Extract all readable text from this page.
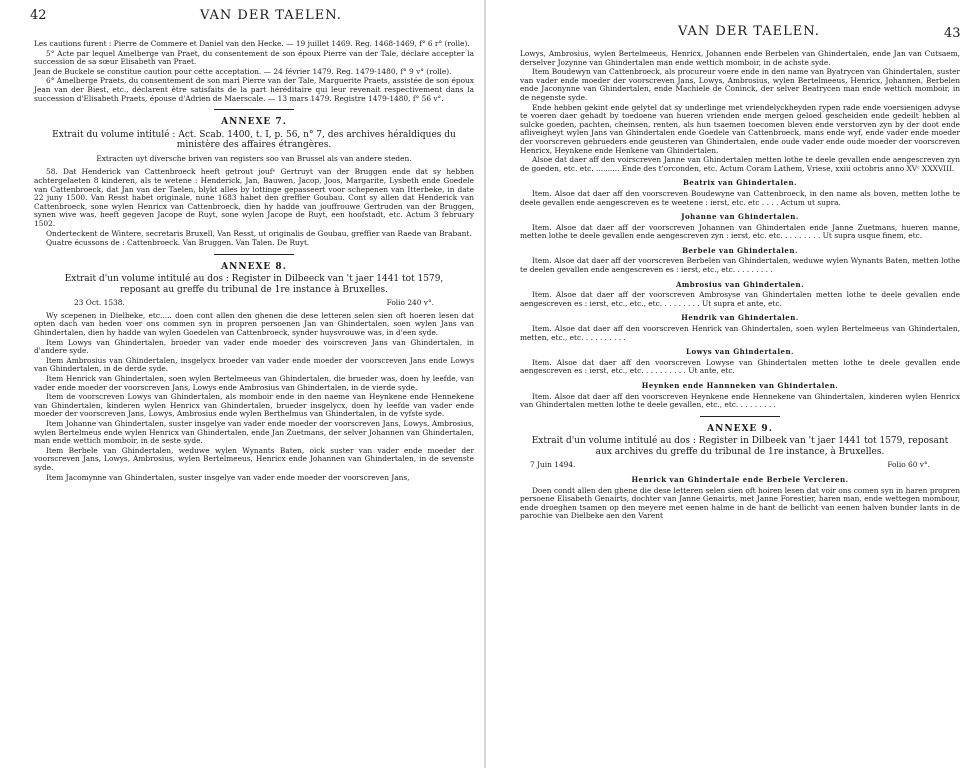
42	VAN DER TAELEN.

Les cautions furent : Pierre de Commere et Daniel van den Hecke. — 19 juillet 1469. Reg. 1468-1469, f° 6 r° (rolle).

5° Acte par lequel Amelberge van Praet, du consentement de son époux Pierre van der Tale, déclare accepter la succession de sa sœur Elisabeth van Praet.

Jean de Buckele se constitue caution pour cette acceptation. — 24 février 1479. Reg. 1479-1480, f° 9 v° (rolle).

6° Amelberge Praets, du consentement de son mari Pierre van der Tale, Marguerite Praets, assistée de son époux Jean van der Biest, etc., déclarent être satisfaits de la part héréditaire qui leur revenait respectivement dans la succession d'Elisabeth Praets, épouse d'Adrien de Maerscale. — 13 mars 1479. Registre 1479-1480, f° 56 v°.

ANNEXE 7.
Extrait du volume intitulé : Act. Scab. 1400, t. I, p. 56, n° 7, des archives héraldiques du ministère des affaires étrangères.

Extracten uyt diversche briven van registers soo van Brussel als van andere steden.

58. Dat Henderick van Cattenbroeck heeft getrout joufᵉ Gertruyt van der Bruggen ende dat sy hebben achtergelaeten 8 kinderen, als te wetene : Henderick, Jan, Bauwen, Jacop, Joos, Margarite, Lysbeth ende Goedele van Cattenbroeck, dat Jan van der Taelen, blykt alles by lottinge gepasseert voor schepenen van Itterbeke, in date 22 juny 1500. Van Resst habet originale, nune 1683 habet den greffier Goubau. Cont sy allen dat Henderick van Cattenbroeck, sone wylen Henricx van Cattenbroeck, dien hy hadde van jouffrouwe Gertruden van der Bruggen, synen wive was, heeft gegeven Jacope de Ruyt, sone wylen Jacope de Ruyt, een hoofstadt, etc. Actum 3 february 1502.

Onderteckent de Wintere, secretaris Bruxell, Van Resst, ut originalis de Goubau, greffier van Raede van Brabant.

Quatre écussons de : Cattenbroeck. Van Bruggen. Van Talen. De Ruyt.

ANNEXE 8.
Extrait d'un volume intitulé au dos : Register in Dilbeeck van 't jaer 1441 tot 1579, reposant au greffe du tribunal de 1re instance à Bruxelles.
23 Oct. 1538.	Folio 240 v°.

Wy scepenen in Dielbeke, etc..... doen cont allen den ghenen die dese letteren selen sien oft hoeren lesen dat opten dach van heden voer ons commen syn in propren persoenen Jan van Ghindertalen, soen wylen Jans van Ghindertalen, dien hy hadde van wylen Goedelen van Cattenbroeck, synder huysvrouwe was, in d'een syde.

Item Lowys van Ghindertalen, broeder van vader ende moeder des voirscreven Jans van Ghindertalen, in d'andere syde.

Item Ambrosius van Ghindertalen, insgelycx broeder van vader ende moeder der voorscreven Jans ende Lowys van Ghindertalen, in de derde syde.

Item Henrick van Ghindertalen, soen wylen Bertelmeeus van Ghindertalen, die brueder was, doen hy leefde, van vader ende moeder der voorscreven Jans, Lowys ende Ambrosius van Ghindertalen, in de vierde syde.

Item de voorscreven Lowys van Ghindertalen, als momboir ende in den naeme van Heynkene ende Hennekene van Ghindertalen, kinderen wylen Henricx van Ghindertalen, brueder insgelycx, doen hy leefde van vader ende moeder der voorscreven Jans, Lowys, Ambrosius ende wylen Berthelmus van Ghindertalen, in de vyfste syde.

Item Johanne van Ghindertalen, suster insgelye van vader ende moeder der voorscreven Jans, Lowys, Ambrosius, wylen Bertelmeus ende wylen Henricx van Ghindertalen, ende Jan Zuetmans, der selver Johannen van Ghindertalen, man ende wettich momboir, in de seste syde.

Item Berbele van Ghindertalen, weduwe wylen Wynants Baten, oick suster van vader ende moeder der voorscreven Jans, Lowys, Ambrosius, wylen Bertelmeeus, Henricx ende Johannen van Ghindertalen, in de sevenste syde.

Item Jacomynne van Ghindertalen, suster insgelye van vader ende moeder der voorscreven Jans,

VAN DER TAELEN.	43

Lowys, Ambrosius, wylen Bertelmeeus, Henricx, Johannen ende Berbelen van Ghindertalen, ende Jan van Cutsaem, derselver Jozynne van Ghindertalen man ende wettich momboir, in de achste syde.

Item Boudewyn van Cattenbroeck, als procureur voere ende in den name van Byatrycen van Ghindertalen, suster van vader ende moeder der voorscreven Jans, Lowys, Ambrosius, wylen Bertelmeeus, Henricx, Johannen, Berbelen ende Jaconynne van Ghindertalen, ende Machiele de Coninck, der selver Beatrycen man ende wettich momboir, in de negenste syde.

Ende hebben gekint ende gelytel dat sy underlinge met vriendelyckheyden rypen rade ende voersienigen advyse te voeren daer gehadt by toedoene van hueren vrienden ende mergen geloed gescheiden ende gedeilt hebben al sulcke goeden, pachten, cheinsen, renten, als hun tsaemen toecomen bleven ende verstorven zyn by der doot ende afliveigheyt wylen Jans van Ghindertalen ende Goedele van Cattenbroeck, mans ende wyf, ende vader ende moeder der voorscreven gebrueders ende geusteren van Ghindertalen, ende oude vader ende oude moeder der voorscreven Henricx, Heynkene ende Henkene van Ghindertalen.

Alsoe dat daer aff den voirscreven Janne van Ghindertalen metten lothe te deele gevallen ende aengescreven zyn de goeden, etc. etc. .......... Ende des t'orconden, etc. Actum Coram Lathem, Vriese, xxiii octobris anno XVᶜ XXXVIII.

Beatrix van Ghindertalen.

Item. Alsoe dat daer aff den voorscreven Boudewyne van Cattenbroeck, in den name als boven, metten lothe te deele gevallen ende aengescreven es te weetene : ierst, etc. etc . . . . Actum ut supra.

Johanne van Ghindertalen.

Item. Alsoe dat daer aff der voorscreven Johannen van Ghindertalen ende Janne Zuetmans, hueren manne, metten lothe te deele gevallen ende aengescreven zyn : ierst, etc. etc. . . . . . . . . Ut supra usque finem, etc.

Berbele van Ghindertalen.

Item. Alsoe dat daer aff der voorscreven Berbelen van Ghindertalen, weduwe wylen Wynants Baten, metten lothe te deelen gevallen ende aengescreven es : ierst, etc., etc. . . . . . . . .

Ambrosius van Ghindertalen.

Item. Alsoe dat daer aff der voorscreven Ambrosyse van Ghindertalen metten lothe te deele gevallen ende aengescreven es : ierst, etc., etc., etc. . . . . . . . . Ut supra et ante, etc.

Hendrik van Ghindertalen.

Item. Alsoe dat daer aff den voorscreven Henrick van Ghindertalen, soen wylen Bertelmeeus van Ghindertalen, metten, etc., etc. . . . . . . . . .

Lowys van Ghindertalen.

Item. Alsoe dat daer aff den voorscreven Lowyse van Ghindertalen metten lothe te deele gevallen ende aengescreven es : ierst, etc., etc. . . . . . . . . . Ut ante, etc.

Heynken ende Hannneken van Ghindertalen.

Item. Alsoe dat daer aff den voorscreven Heynkene ende Hennekene van Ghindertalen, kinderen wylen Henricx van Ghindertalen metten lothe te deele gevallen, etc., etc. . . . . . . . .

ANNEXE 9.
Extrait d'un volume intitulé au dos : Register in Dilbeek van 't jaer 1441 tot 1579, reposant aux archives du greffe du tribunal de 1re instance, à Bruxelles.
7 Juin 1494.	Folio 60 v°.
Henrick van Ghindertale ende Berbele Vercleren.

Doen condt allen den ghene die dese letteren selen sien oft hoiren lesen dat voir ons comen syn in haren propren persoene Elisabeth Genairts, dochter van Janne Genairts, met Janne Forestier, haren man, ende wettegen mombour, ende droeghen tsamen op den meyere met eenen halme in de hant de bellicht van eenen halven bunder lants in de parochie van Dielbeke aen den Varent
